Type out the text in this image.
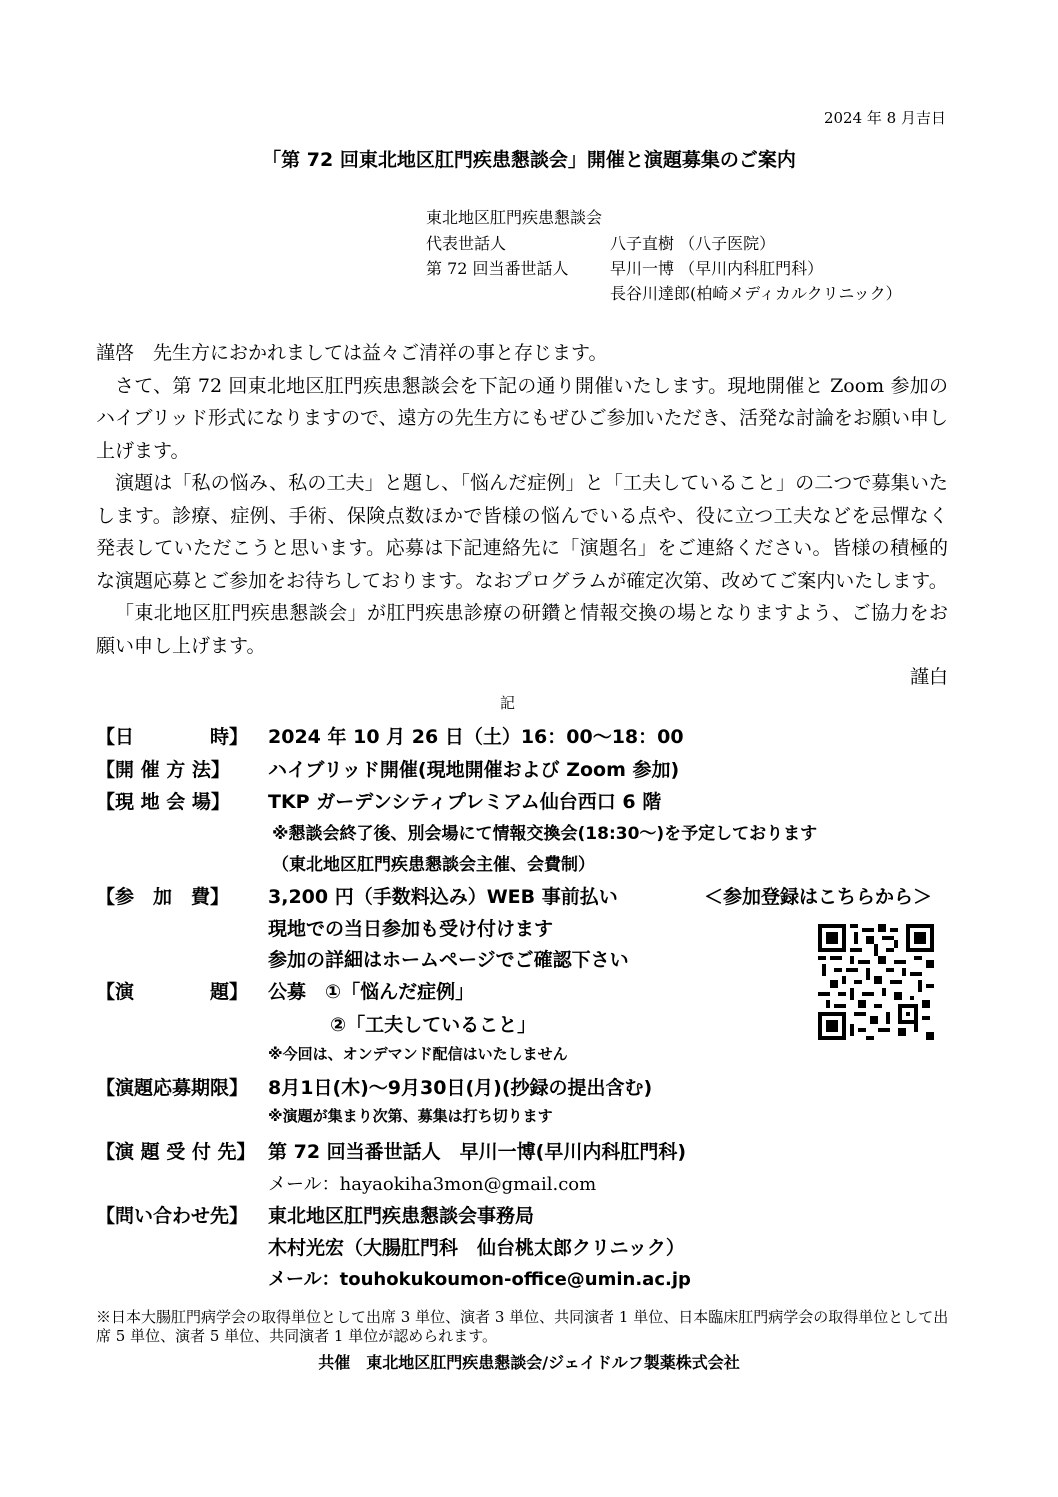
2024 年 8 月吉日
「第 72 回東北地区肛門疾患懇談会」開催と演題募集のご案内
東北地区肛門疾患懇談会
代表世話人	八子直樹 （八子医院）
第 72 回当番世話人	早川一博 （早川内科肛門科）
長谷川達郎(柏崎メディカルクリニック）

謹啓　先生方におかれましては益々ご清祥の事と存じます。

さて、第 72 回東北地区肛門疾患懇談会を下記の通り開催いたします。現地開催と Zoom 参加のハイブリッド形式になりますので、遠方の先生方にもぜひご参加いただき、活発な討論をお願い申し上げます。

演題は「私の悩み、私の工夫」と題し、「悩んだ症例」と「工夫していること」の二つで募集いたします。診療、症例、手術、保険点数ほかで皆様の悩んでいる点や、役に立つ工夫などを忌憚なく発表していただこうと思います。応募は下記連絡先に「演題名」をご連絡ください。皆様の積極的な演題応募とご参加をお待ちしております。なおプログラムが確定次第、改めてご案内いたします。

「東北地区肛門疾患懇談会」が肛門疾患診療の研鑽と情報交換の場となりますよう、ご協力をお願い申し上げます。

謹白
記
【日　　　　時】 2024 年 10 月 26 日（土）16：00～18：00
【開 催 方 法】 ハイブリッド開催(現地開催および Zoom 参加)
【現 地 会 場】 TKP ガーデンシティプレミアム仙台西口 6 階
※懇談会終了後、別会場にて情報交換会(18:30～)を予定しております
（東北地区肛門疾患懇談会主催、会費制）
【参　加　費】 3,200 円（手数料込み）WEB 事前払い	＜参加登録はこちらから＞
現地での当日参加も受け付けます
参加の詳細はホームページでご確認下さい
【演　　　　題】 公募　①「悩んだ症例」
②「工夫していること」
※今回は、オンデマンド配信はいたしません
【演題応募期限】 8月1日(木)～9月30日(月)(抄録の提出含む)
※演題が集まり次第、募集は打ち切ります
【演 題 受 付 先】 第 72 回当番世話人　早川一博(早川内科肛門科)
メール：hayaokiha3mon@gmail.com
【問い合わせ先】 東北地区肛門疾患懇談会事務局
木村光宏（大腸肛門科　仙台桃太郎クリニック）
メール：touhokukoumon-office@umin.ac.jp
※日本大腸肛門病学会の取得単位として出席 3 単位、演者 3 単位、共同演者 1 単位、日本臨床肛門病学会の取得単位として出席 5 単位、演者 5 単位、共同演者 1 単位が認められます。
共催　東北地区肛門疾患懇談会/ジェイドルフ製薬株式会社
